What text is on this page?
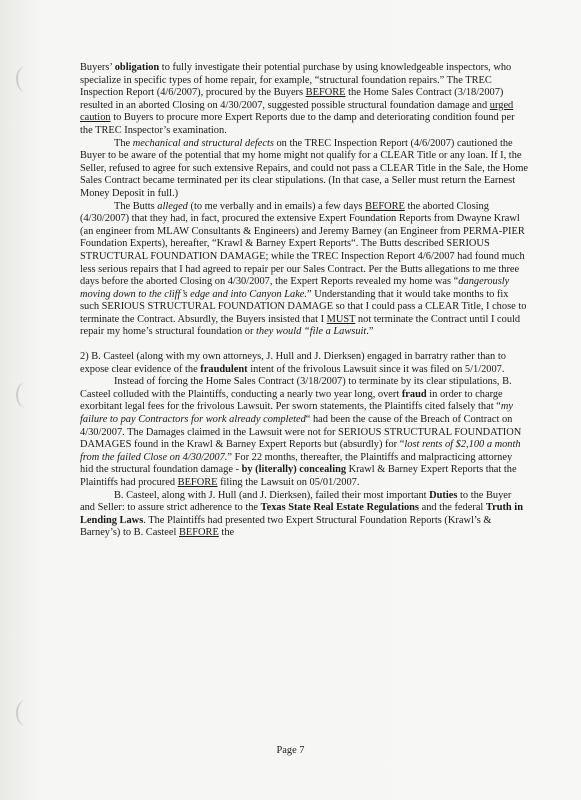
Buyers’ obligation to fully investigate their potential purchase by using knowledgeable inspectors, who specialize in specific types of home repair, for example, “structural foundation repairs.” The TREC Inspection Report (4/6/2007), procured by the Buyers BEFORE the Home Sales Contract (3/18/2007) resulted in an aborted Closing on 4/30/2007, suggested possible structural foundation damage and urged caution to Buyers to procure more Expert Reports due to the damp and deteriorating condition found per the TREC Inspector’s examination.

The mechanical and structural defects on the TREC Inspection Report (4/6/2007) cautioned the Buyer to be aware of the potential that my home might not qualify for a CLEAR Title or any loan. If I, the Seller, refused to agree for such extensive Repairs, and could not pass a CLEAR Title in the Sale, the Home Sales Contract became terminated per its clear stipulations. (In that case, a Seller must return the Earnest Money Deposit in full.)

The Butts alleged (to me verbally and in emails) a few days BEFORE the aborted Closing (4/30/2007) that they had, in fact, procured the extensive Expert Foundation Reports from Dwayne Krawl (an engineer from MLAW Consultants & Engineers) and Jeremy Barney (an Engineer from PERMA-PIER Foundation Experts), hereafter, “Krawl & Barney Expert Reports“. The Butts described SERIOUS STRUCTURAL FOUNDATION DAMAGE; while the TREC Inspection Report 4/6/2007 had found much less serious repairs that I had agreed to repair per our Sales Contract. Per the Butts allegations to me three days before the aborted Closing on 4/30/2007, the Expert Reports revealed my home was “dangerously moving down to the cliff’s edge and into Canyon Lake.” Understanding that it would take months to fix such SERIOUS STRUCTURAL FOUNDATION DAMAGE so that I could pass a CLEAR Title, I chose to terminate the Contract. Absurdly, the Buyers insisted that I MUST not terminate the Contract until I could repair my home’s structural foundation or they would “file a Lawsuit.”

2) B. Casteel (along with my own attorneys, J. Hull and J. Dierksen) engaged in barratry rather than to expose clear evidence of the fraudulent intent of the frivolous Lawsuit since it was filed on 5/1/2007.

Instead of forcing the Home Sales Contract (3/18/2007) to terminate by its clear stipulations, B. Casteel colluded with the Plaintiffs, conducting a nearly two year long, overt fraud in order to charge exorbitant legal fees for the frivolous Lawsuit. Per sworn statements, the Plaintiffs cited falsely that “my failure to pay Contractors for work already completed“ had been the cause of the Breach of Contract on 4/30/2007. The Damages claimed in the Lawsuit were not for SERIOUS STRUCTURAL FOUNDATION DAMAGES found in the Krawl & Barney Expert Reports but (absurdly) for “lost rents of $2,100 a month from the failed Close on 4/30/2007.” For 22 months, thereafter, the Plaintiffs and malpracticing attorney hid the structural foundation damage - by (literally) concealing Krawl & Barney Expert Reports that the Plaintiffs had procured BEFORE filing the Lawsuit on 05/01/2007.

B. Casteel, along with J. Hull (and J. Dierksen), failed their most important Duties to the Buyer and Seller: to assure strict adherence to the Texas State Real Estate Regulations and the federal Truth in Lending Laws. The Plaintiffs had presented two Expert Structural Foundation Reports (Krawl’s & Barney’s) to B. Casteel BEFORE the

Page 7
